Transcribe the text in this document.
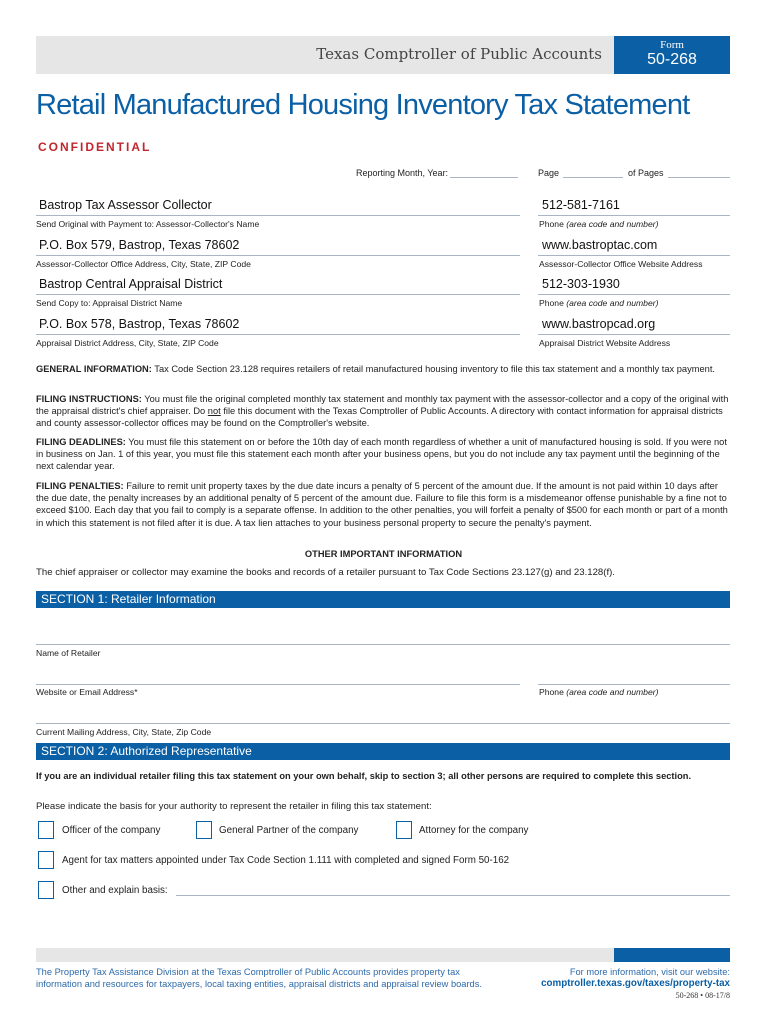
Texas Comptroller of Public Accounts	Form
50-268
Retail Manufactured Housing Inventory Tax Statement
CONFIDENTIAL
Reporting Month, Year:	Page	of Pages
Bastrop Tax Assessor Collector
Send Original with Payment to: Assessor-Collector's Name
512-581-7161
Phone (area code and number)
P.O. Box 579, Bastrop, Texas 78602
Assessor-Collector Office Address, City, State, ZIP Code
www.bastroptac.com
Assessor-Collector Office Website Address
Bastrop Central Appraisal District
Send Copy to: Appraisal District Name
512-303-1930
Phone (area code and number)
P.O. Box 578, Bastrop, Texas 78602
Appraisal District Address, City, State, ZIP Code
www.bastropcad.org
Appraisal District Website Address
GENERAL INFORMATION: Tax Code Section 23.128 requires retailers of retail manufactured housing inventory to file this tax statement and a monthly tax payment.
FILING INSTRUCTIONS: You must file the original completed monthly tax statement and monthly tax payment with the assessor-collector and a copy of the original with the appraisal district's chief appraiser. Do not file this document with the Texas Comptroller of Public Accounts. A directory with contact information for appraisal districts and county assessor-collector offices may be found on the Comptroller's website.
FILING DEADLINES: You must file this statement on or before the 10th day of each month regardless of whether a unit of manufactured housing is sold. If you were not in business on Jan. 1 of this year, you must file this statement each month after your business opens, but you do not include any tax payment until the beginning of the next calendar year.
FILING PENALTIES: Failure to remit unit property taxes by the due date incurs a penalty of 5 percent of the amount due. If the amount is not paid within 10 days after the due date, the penalty increases by an additional penalty of 5 percent of the amount due. Failure to file this form is a misdemeanor offense punishable by a fine not to exceed $100. Each day that you fail to comply is a separate offense. In addition to the other penalties, you will forfeit a penalty of $500 for each month or part of a month in which this statement is not filed after it is due. A tax lien attaches to your business personal property to secure the penalty's payment.
OTHER IMPORTANT INFORMATION
The chief appraiser or collector may examine the books and records of a retailer pursuant to Tax Code Sections 23.127(g) and 23.128(f).
SECTION 1: Retailer Information
Name of Retailer
Website or Email Address*	Phone (area code and number)
Current Mailing Address, City, State, Zip Code
SECTION 2: Authorized Representative
If you are an individual retailer filing this tax statement on your own behalf, skip to section 3; all other persons are required to complete this section.
Please indicate the basis for your authority to represent the retailer in filing this tax statement:
Officer of the company	General Partner of the company	Attorney for the company
Agent for tax matters appointed under Tax Code Section 1.111 with completed and signed Form 50-162
Other and explain basis:
The Property Tax Assistance Division at the Texas Comptroller of Public Accounts provides property tax information and resources for taxpayers, local taxing entities, appraisal districts and appraisal review boards.
For more information, visit our website:
comptroller.texas.gov/taxes/property-tax
50-268 • 08-17/8
